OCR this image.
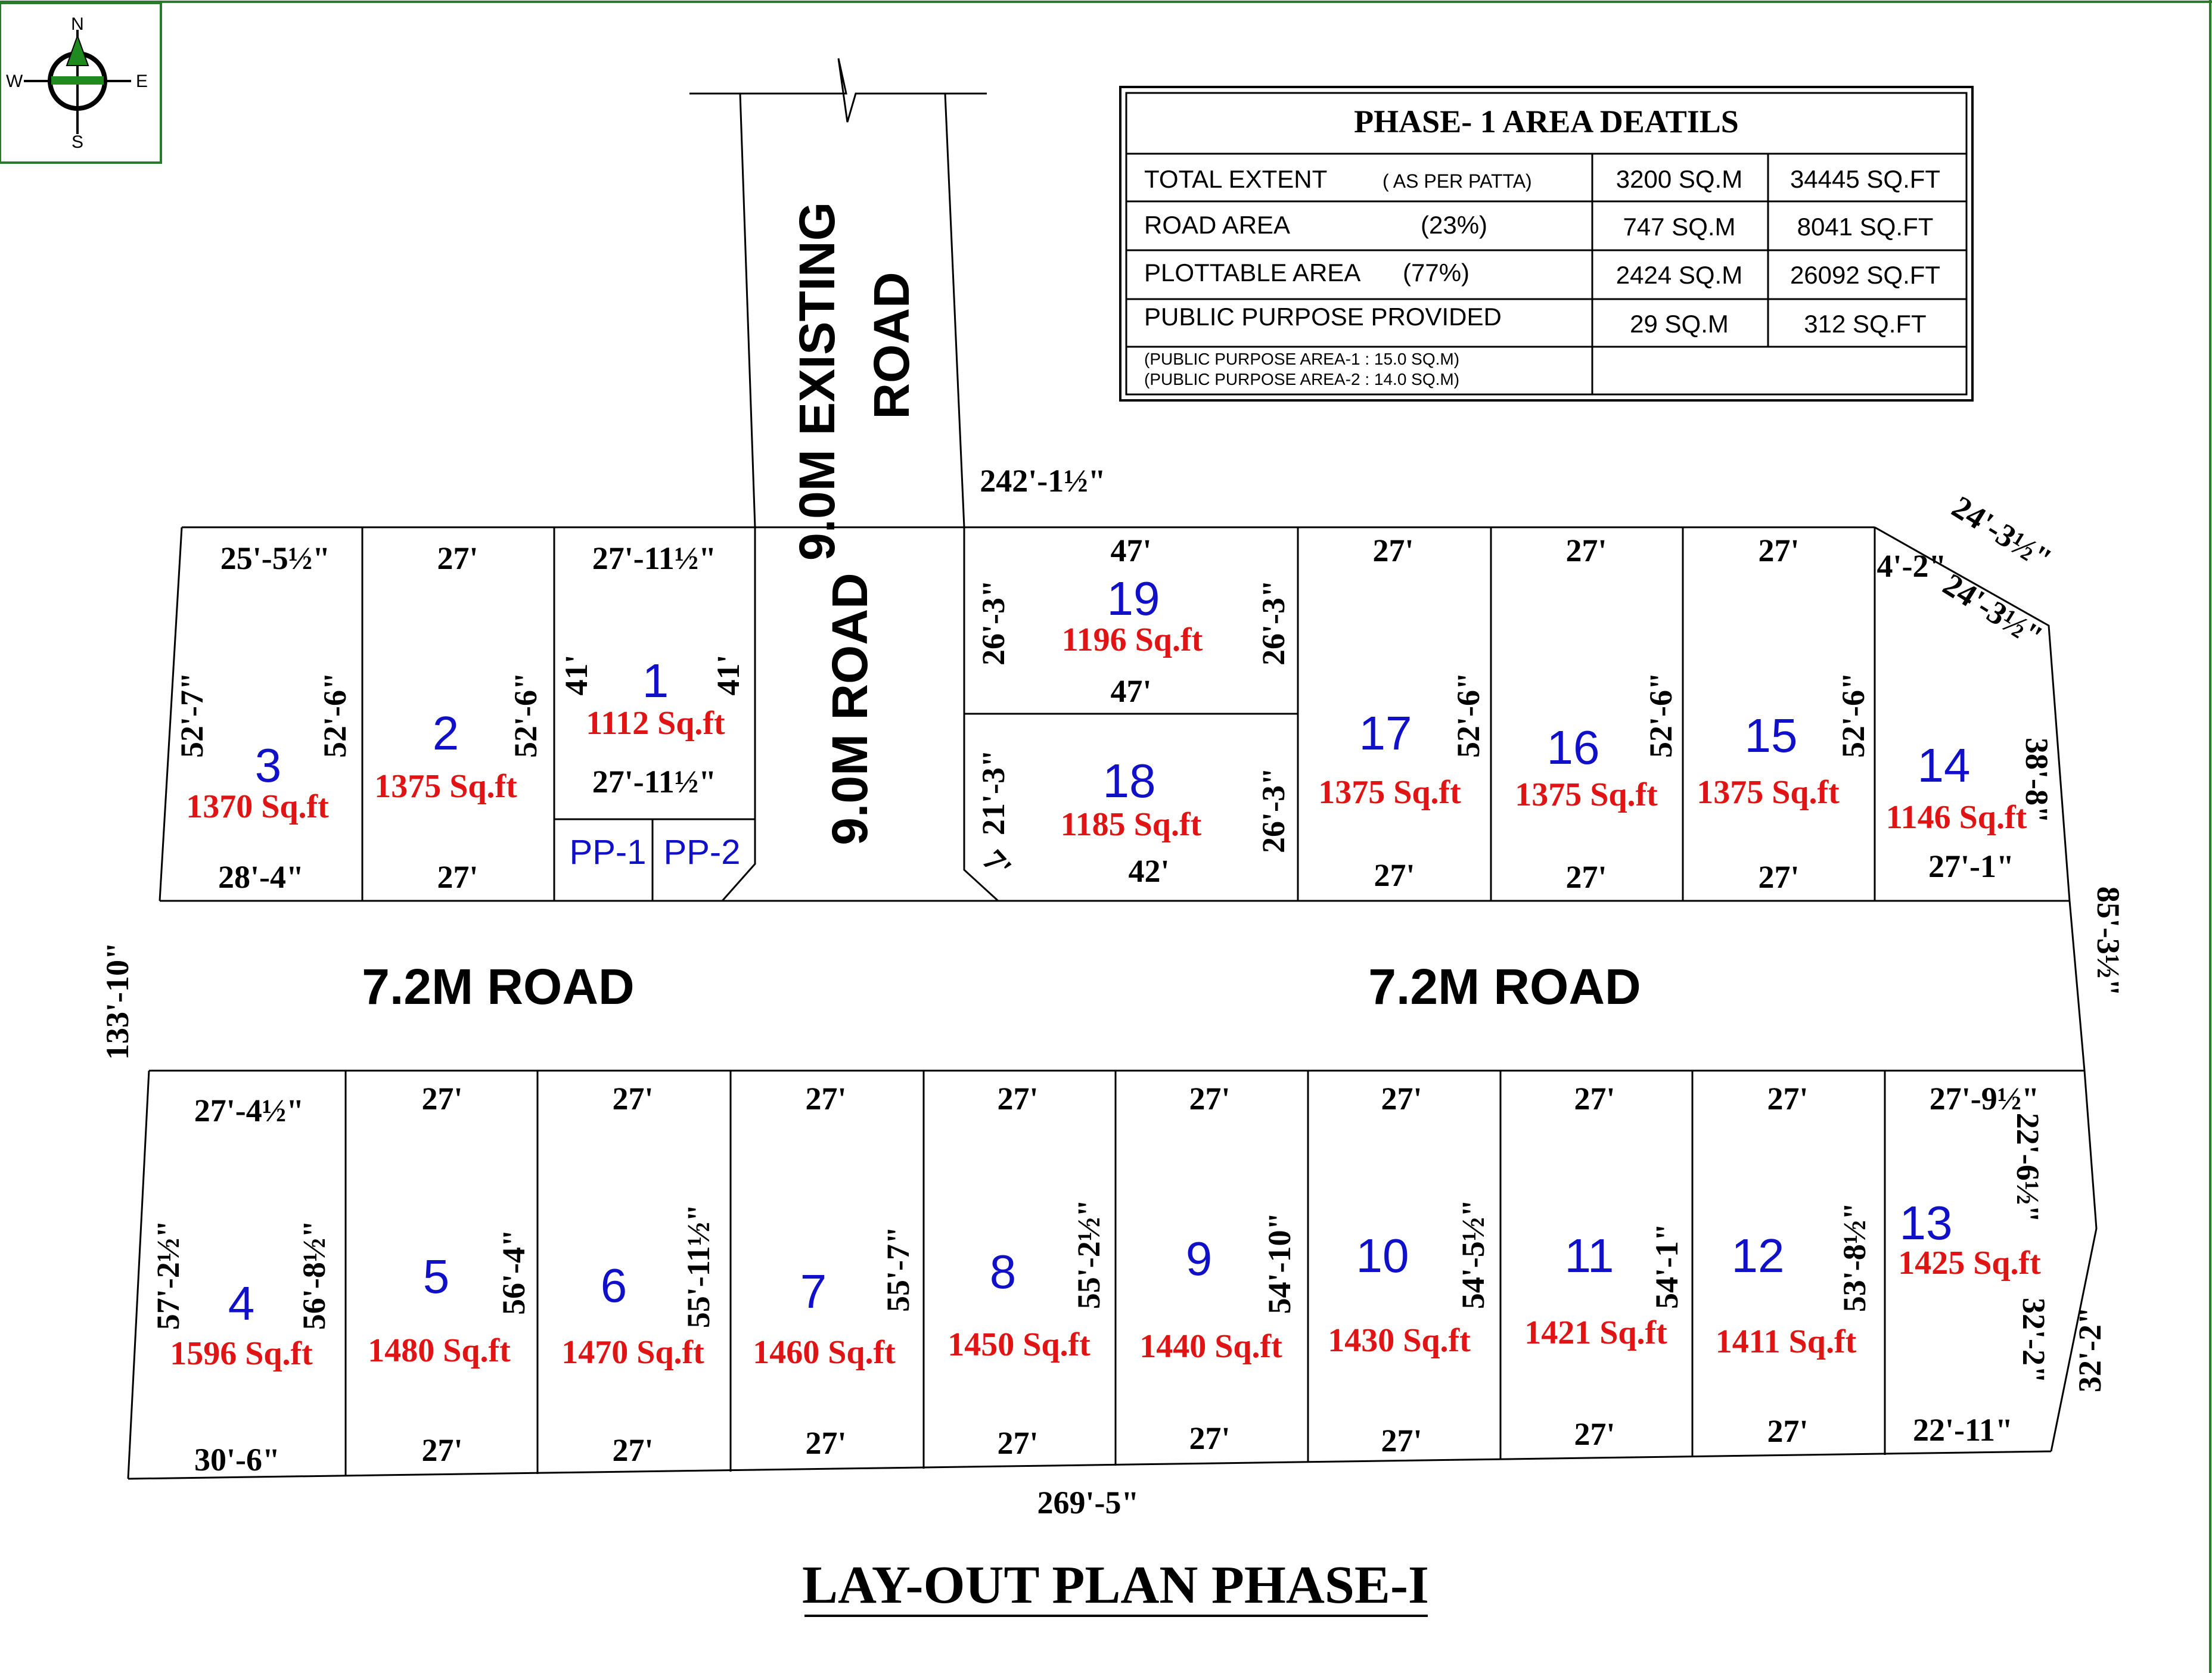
N
S
E
W
PHASE- 1 AREA DEATILS
TOTAL EXTENT	( AS PER PATTA)	3200 SQ.M 34445 SQ.FT
ROAD AREA	(23%)	747 SQ.M 8041 SQ.FT
PLOTTABLE AREA (77%)	2424 SQ.M 26092 SQ.FT
PUBLIC PURPOSE PROVIDED	29 SQ.M	312 SQ.FT
(PUBLIC PURPOSE AREA-1 : 15.0 SQ.M)
(PUBLIC PURPOSE AREA-2 : 14.0 SQ.M)
9.0M EXISTING ROAD
9.0M ROAD
7.2M ROAD	7.2M ROAD
PP-1 PP-2
1
1112 Sq.ft
2
1375 Sq.ft
3
1370 Sq.ft
4
1596 Sq.ft
5
1480 Sq.ft
6
1470 Sq.ft
7
1460 Sq.ft
8
1450 Sq.ft
9
1440 Sq.ft
10
1430 Sq.ft
11
1421 Sq.ft
12
1411 Sq.ft
13
1425 Sq.ft
14
1146 Sq.ft
15
1375 Sq.ft
16
1375 Sq.ft
17
1375 Sq.ft
18
1185 Sq.ft
19
1196 Sq.ft
25'-5½"	27'	27'-11½"	47'	27'	27'	27' 4'-2"
28'-4"	27'
27'-11½"
47'
42'	27'	27'	27'	27'-1"
27'-4½"	27'	27'	27'	27'	27'	27'	27'	27'	27'-9½"
30'-6"	27'	27'	27'	27'	27'	27'	27'	27'	22'-11"
52'-7"	52'-6"	52'-6" 41'	41'
26'-3"	26'-3"
21'-3"	26'-3"
7'
52'-6"	52'-6"	52'-6"
38'-8"
57'-2½"	56'-8½"	56'-4"	55'-11½"	55'-7"	55'-2½"	54'-10"	54'-5½"	54'-1"	53'-8½"
22'-6½"
32'-2"
242'-1½"
269'-5"
133'-10"
85'-3½"
32'-2"
24'-3½"
24'-3½"
LAY-OUT PLAN PHASE-I
